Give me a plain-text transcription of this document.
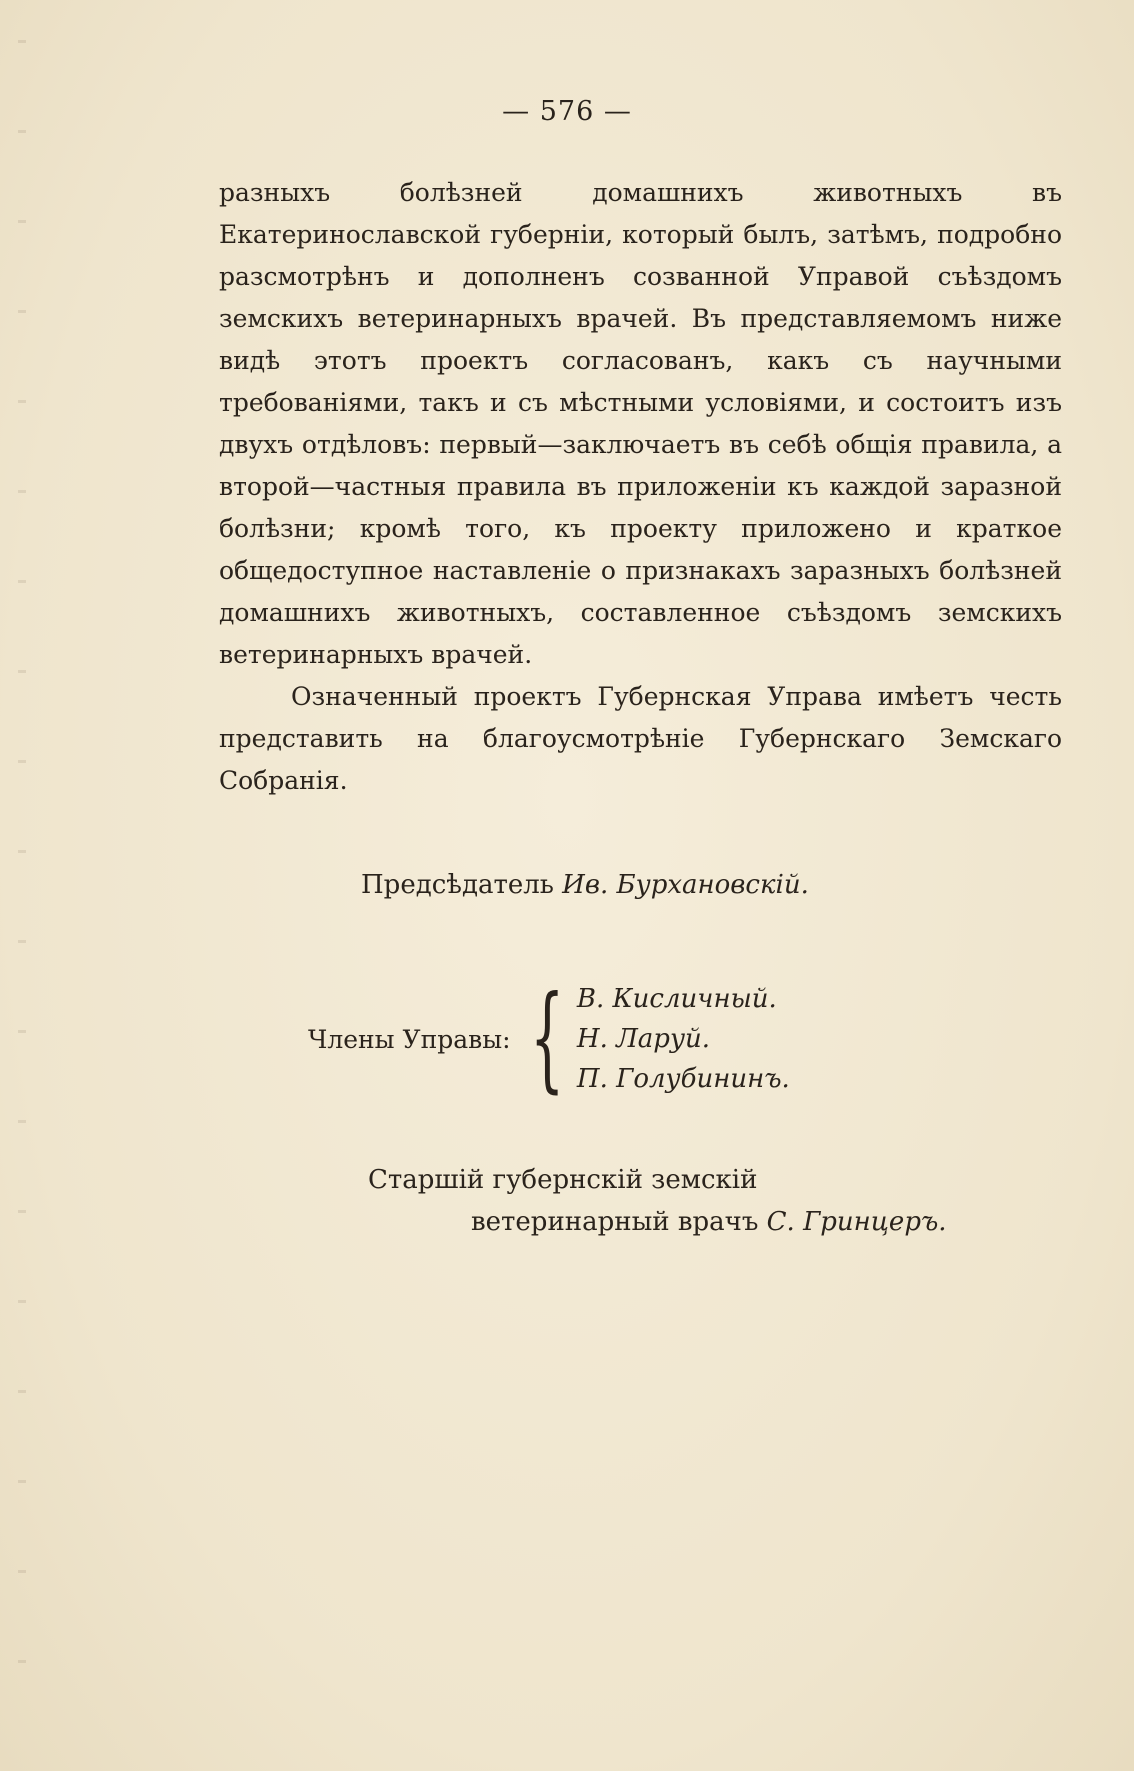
— 576 —

разныхъ болѣзней домашнихъ животныхъ въ Екатеринославской губерніи, который былъ, затѣмъ, подробно разсмотрѣнъ и дополненъ созванной Управой съѣздомъ земскихъ ветеринарныхъ врачей. Въ представляемомъ ниже видѣ этотъ проектъ согласованъ, какъ съ научными требованіями, такъ и съ мѣстными условіями, и состоитъ изъ двухъ отдѣловъ: первый—заключаетъ въ себѣ общія правила, а второй—частныя правила въ приложеніи къ каждой заразной болѣзни; кромѣ того, къ проекту приложено и краткое общедоступное наставленіе о признакахъ заразныхъ болѣзней домашнихъ животныхъ, составленное съѣздомъ земскихъ ветеринарныхъ врачей.

Означенный проектъ Губернская Управа имѣетъ честь представить на благоусмотрѣніе Губернскаго Земскаго Собранія.

Предсѣдатель Ив. Бурхановскій.
Члены Управы: { В. Кисличный.
Н. Ларуй.
П. Голубининъ.
Старшій губернскій земскій
ветеринарный врачъ С. Гринцеръ.
